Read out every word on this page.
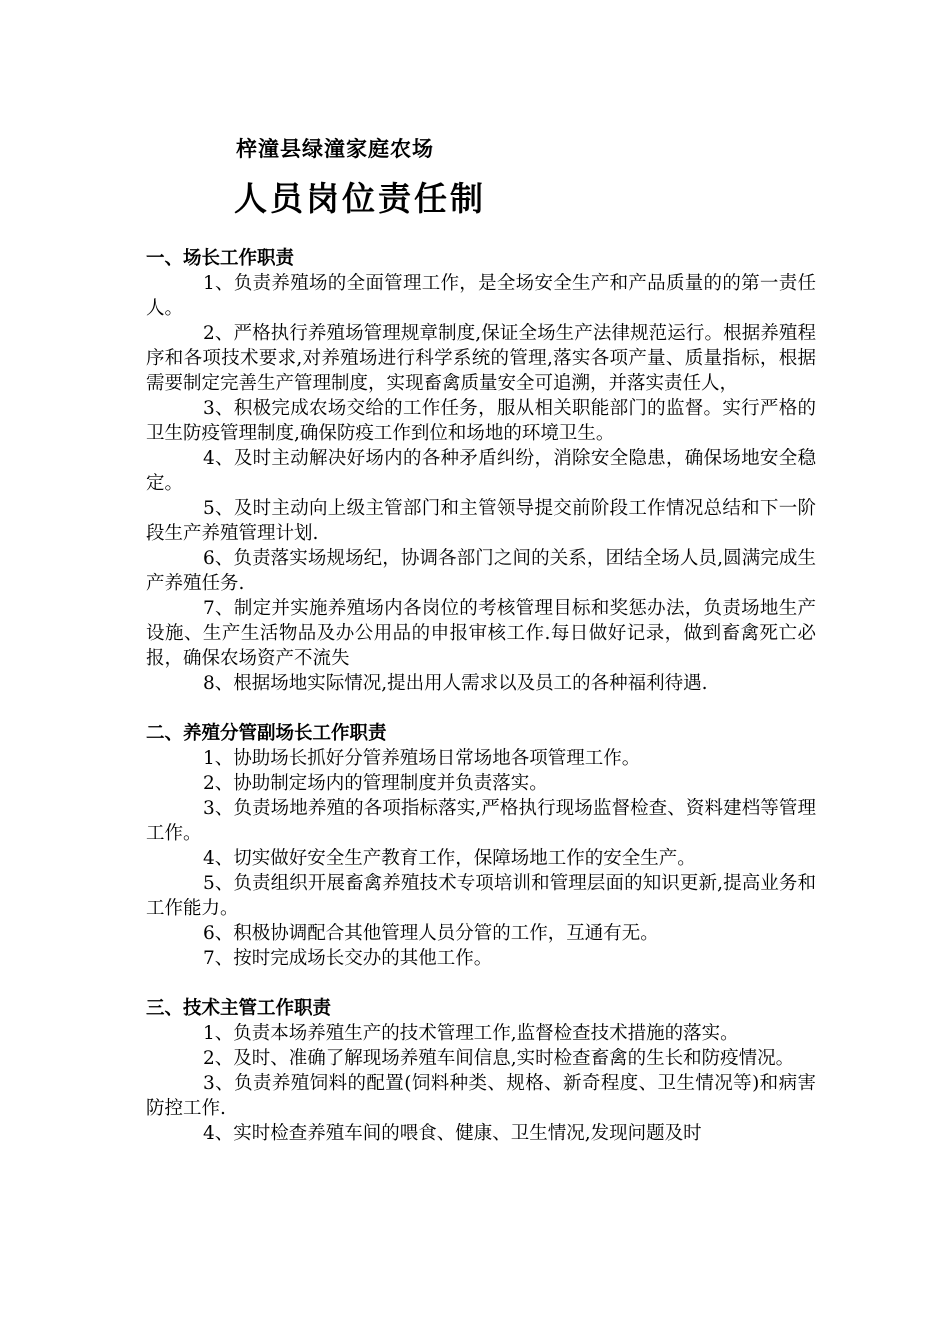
梓潼县绿潼家庭农场
人员岗位责任制

一、场长工作职责

1、负责养殖场的全面管理工作，是全场安全生产和产品质量的的第一责任人。

2、严格执行养殖场管理规章制度,保证全场生产法律规范运行。根据养殖程序和各项技术要求,对养殖场进行科学系统的管理,落实各项产量、质量指标，根据需要制定完善生产管理制度，实现畜禽质量安全可追溯，并落实责任人，

3、积极完成农场交给的工作任务，服从相关职能部门的监督。实行严格的卫生防疫管理制度,确保防疫工作到位和场地的环境卫生。

4、及时主动解决好场内的各种矛盾纠纷，消除安全隐患，确保场地安全稳定。

5、及时主动向上级主管部门和主管领导提交前阶段工作情况总结和下一阶段生产养殖管理计划.

6、负责落实场规场纪，协调各部门之间的关系，团结全场人员,圆满完成生产养殖任务.

7、制定并实施养殖场内各岗位的考核管理目标和奖惩办法，负责场地生产设施、生产生活物品及办公用品的申报审核工作.每日做好记录，做到畜禽死亡必报，确保农场资产不流失

8、根据场地实际情况,提出用人需求以及员工的各种福利待遇.

二、养殖分管副场长工作职责

1、协助场长抓好分管养殖场日常场地各项管理工作。

2、协助制定场内的管理制度并负责落实。

3、负责场地养殖的各项指标落实,严格执行现场监督检查、资料建档等管理工作。

4、切实做好安全生产教育工作，保障场地工作的安全生产。

5、负责组织开展畜禽养殖技术专项培训和管理层面的知识更新,提高业务和工作能力。

6、积极协调配合其他管理人员分管的工作，互通有无。

7、按时完成场长交办的其他工作。

三、技术主管工作职责

1、负责本场养殖生产的技术管理工作,监督检查技术措施的落实。

2、及时、准确了解现场养殖车间信息,实时检查畜禽的生长和防疫情况。

3、负责养殖饲料的配置(饲料种类、规格、新奇程度、卫生情况等)和病害防控工作.

4、实时检查养殖车间的喂食、健康、卫生情况,发现问题及时
